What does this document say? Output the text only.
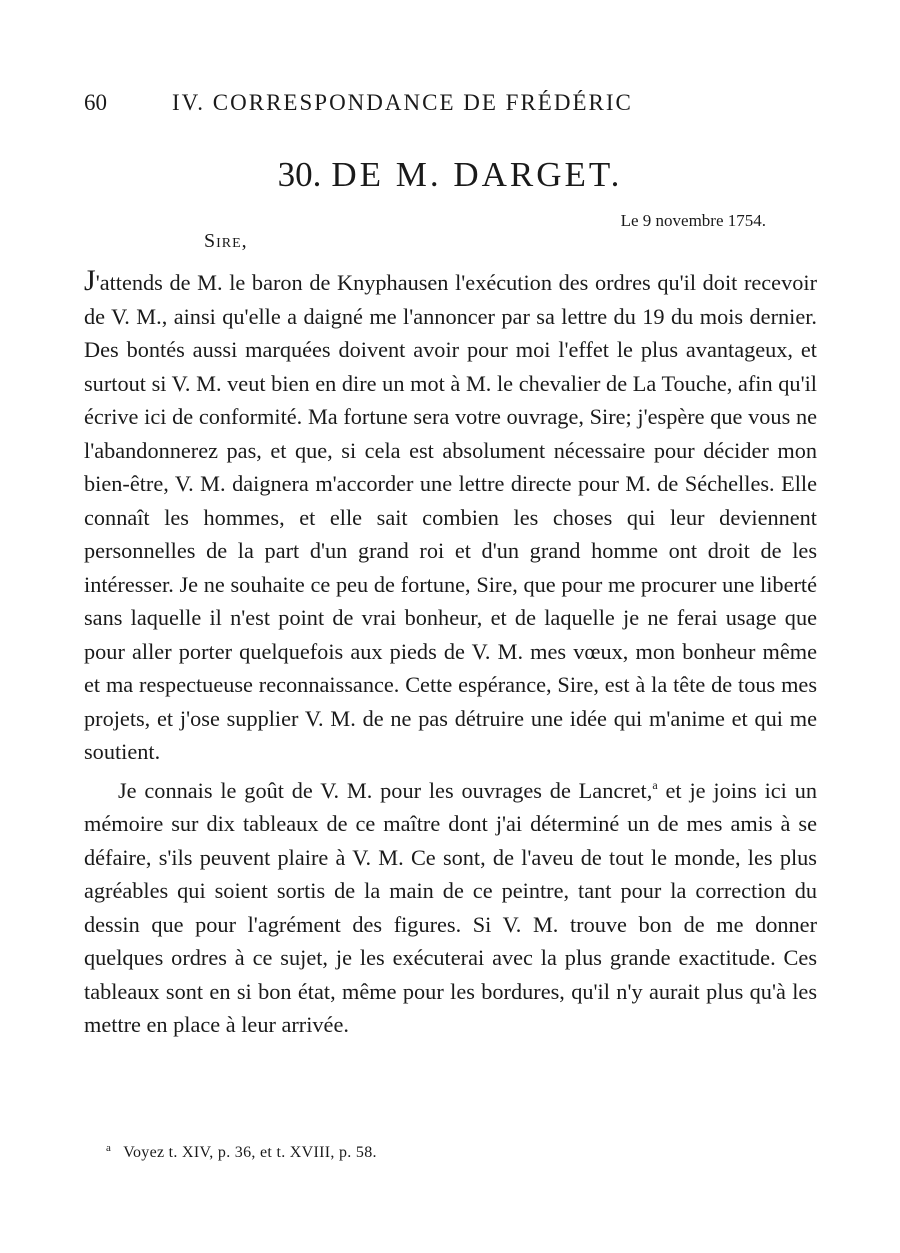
60	IV. CORRESPONDANCE DE FRÉDÉRIC
30. DE M. DARGET.
Le 9 novembre 1754.
Sire,

J'attends de M. le baron de Knyphausen l'exécution des ordres qu'il doit recevoir de V. M., ainsi qu'elle a daigné me l'annoncer par sa lettre du 19 du mois dernier. Des bontés aussi marquées doivent avoir pour moi l'effet le plus avantageux, et surtout si V. M. veut bien en dire un mot à M. le chevalier de La Touche, afin qu'il écrive ici de conformité. Ma fortune sera votre ouvrage, Sire; j'espère que vous ne l'abandonnerez pas, et que, si cela est absolument nécessaire pour décider mon bien-être, V. M. daignera m'accorder une lettre directe pour M. de Séchelles. Elle connaît les hommes, et elle sait combien les choses qui leur deviennent personnelles de la part d'un grand roi et d'un grand homme ont droit de les intéresser. Je ne souhaite ce peu de fortune, Sire, que pour me procurer une liberté sans laquelle il n'est point de vrai bonheur, et de laquelle je ne ferai usage que pour aller porter quelquefois aux pieds de V. M. mes vœux, mon bonheur même et ma respectueuse reconnaissance. Cette espérance, Sire, est à la tête de tous mes projets, et j'ose supplier V. M. de ne pas détruire une idée qui m'anime et qui me soutient.

Je connais le goût de V. M. pour les ouvrages de Lancret,$^a$ et je joins ici un mémoire sur dix tableaux de ce maître dont j'ai déterminé un de mes amis à se défaire, s'ils peuvent plaire à V. M. Ce sont, de l'aveu de tout le monde, les plus agréables qui soient sortis de la main de ce peintre, tant pour la correction du dessin que pour l'agrément des figures. Si V. M. trouve bon de me donner quelques ordres à ce sujet, je les exécuterai avec la plus grande exactitude. Ces tableaux sont en si bon état, même pour les bordures, qu'il n'y aurait plus qu'à les mettre en place à leur arrivée.

$^a$ Voyez t. XIV, p. 36, et t. XVIII, p. 58.
